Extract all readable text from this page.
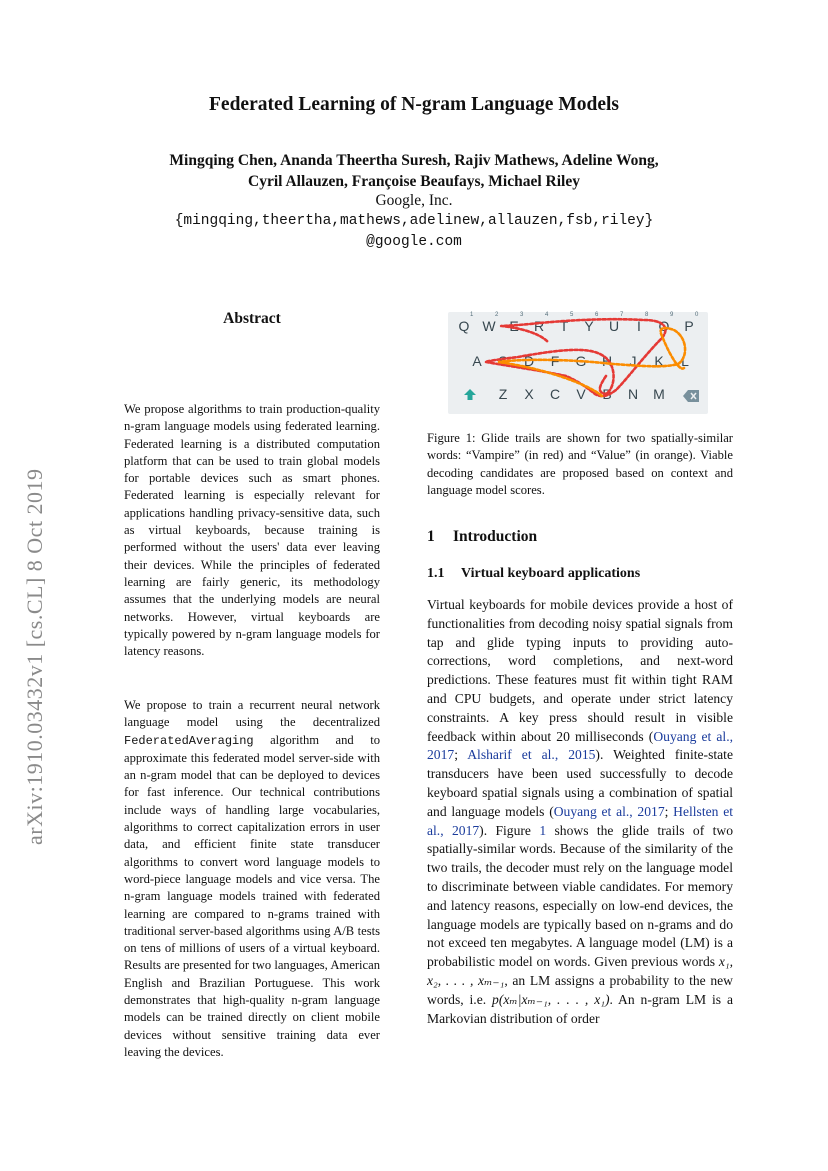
Federated Learning of N-gram Language Models
Mingqing Chen, Ananda Theertha Suresh, Rajiv Mathews, Adeline Wong,
Cyril Allauzen, Françoise Beaufays, Michael Riley
Google, Inc.
{mingqing,theertha,mathews,adelinew,allauzen,fsb,riley}
@google.com
arXiv:1910.03432v1 [cs.CL] 8 Oct 2019
Abstract
We propose algorithms to train production-quality n-gram language models using federated learning. Federated learning is a distributed computation platform that can be used to train global models for portable devices such as smart phones. Federated learning is especially relevant for applications handling privacy-sensitive data, such as virtual keyboards, because training is performed without the users' data ever leaving their devices. While the principles of federated learning are fairly generic, its methodology assumes that the underlying models are neural networks. However, virtual keyboards are typically powered by n-gram language models for latency reasons.
We propose to train a recurrent neural network language model using the decentralized FederatedAveraging algorithm and to approximate this federated model server-side with an n-gram model that can be deployed to devices for fast inference. Our technical contributions include ways of handling large vocabularies, algorithms to correct capitalization errors in user data, and efficient finite state transducer algorithms to convert word language models to word-piece language models and vice versa. The n-gram language models trained with federated learning are compared to n-grams trained with traditional server-based algorithms using A/B tests on tens of millions of users of a virtual keyboard. Results are presented for two languages, American English and Brazilian Portuguese. This work demonstrates that high-quality n-gram language models can be trained directly on client mobile devices without sensitive training data ever leaving the devices.
Q W E	R	T	Y	U	I	O	P
1	2	3	4	5	6	7	8	9	0
A	S	D	F	G H	J	K	L
Z	X	C	V	B	N M
Figure 1: Glide trails are shown for two spatially-similar words: “Vampire” (in red) and “Value” (in orange). Viable decoding candidates are proposed based on context and language model scores.
1 Introduction
1.1 Virtual keyboard applications
Virtual keyboards for mobile devices provide a host of functionalities from decoding noisy spatial signals from tap and glide typing inputs to providing auto-corrections, word completions, and next-word predictions. These features must fit within tight RAM and CPU budgets, and operate under strict latency constraints. A key press should result in visible feedback within about 20 milliseconds (Ouyang et al., 2017; Alsharif et al., 2015). Weighted finite-state transducers have been used successfully to decode keyboard spatial signals using a combination of spatial and language models (Ouyang et al., 2017; Hellsten et al., 2017). Figure 1 shows the glide trails of two spatially-similar words. Because of the similarity of the two trails, the decoder must rely on the language model to discriminate between viable candidates. For memory and latency reasons, especially on low-end devices, the language models are typically based on n-grams and do not exceed ten megabytes. A language model (LM) is a probabilistic model on words. Given previous words x₁, x₂, . . . , xₘ₋₁, an LM assigns a probability to the new words, i.e. p(xₘ|xₘ₋₁, . . . , x₁). An n-gram LM is a Markovian distribution of order
